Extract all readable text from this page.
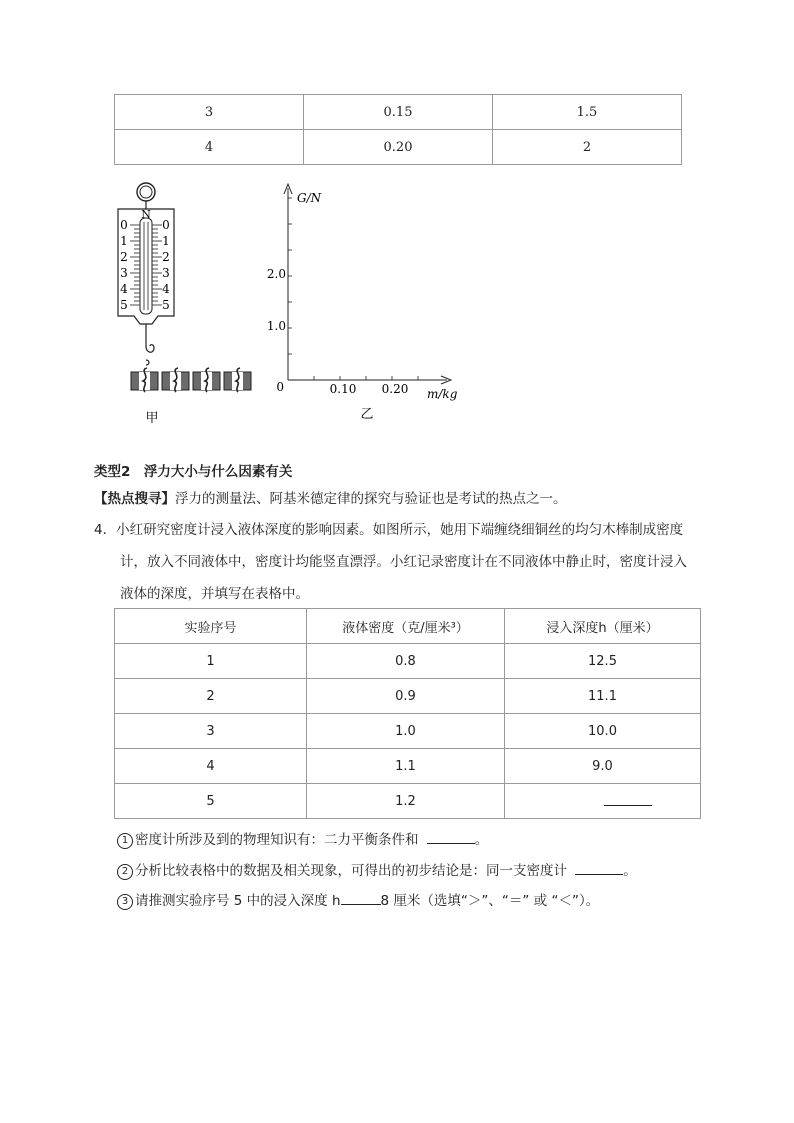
3	0.15	1.5
4	0.20	2
N
0
1
2
3
4
5
0
1
2
3
4
5
甲
G/N
m/kg
0	0.10 0.20
1.0
2.0
乙
类型2　浮力大小与什么因素有关
【热点搜寻】浮力的测量法、阿基米德定律的探究与验证也是考试的热点之一。
4．小红研究密度计浸入液体深度的影响因素。如图所示，她用下端缠绕细铜丝的均匀木棒制成密度
计，放入不同液体中，密度计均能竖直漂浮。小红记录密度计在不同液体中静止时，密度计浸入
液体的深度，并填写在表格中。
实验序号	液体密度（克/厘米³）	浸入深度h（厘米）
1	0.8	12.5
2	0.9	11.1
3	1.0	10.0
4	1.1	9.0
5	1.2	
1 密度计所涉及到的物理知识有：二力平衡条件和	。
2 分析比较表格中的数据及相关现象，可得出的初步结论是：同一支密度计	。
3 请推测实验序号 5 中的浸入深度 h	8 厘米（选填“＞”、“＝” 或 “＜”）。
